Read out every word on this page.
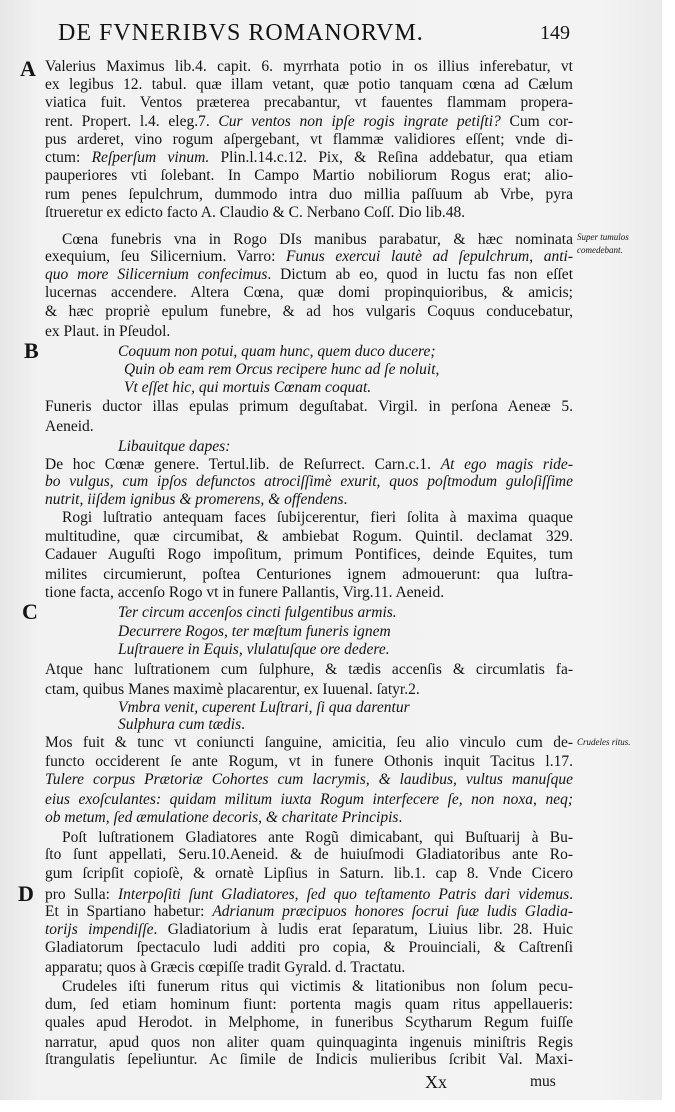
DE FVNERIBVS ROMANORVM.	149
A
B
C
D
Super tumulos
comedebant.
Crudeles ritus.
Valerius Maximus lib.4. capit. 6. myrrhata potio in os illius inferebatur, vt
ex legibus 12. tabul. quæ illam vetant, quæ potio tanquam cœna ad Cælum
viatica fuit. Ventos præterea precabantur, vt fauentes flammam propera-
rent. Propert. l.4. eleg.7. Cur ventos non ipſe rogis ingrate petiſti? Cum cor-
pus arderet, vino rogum aſpergebant, vt flammæ validiores eſſent; vnde di-
ctum: Reſperſum vinum. Plin.l.14.c.12. Pix, & Reſina addebatur, qua etiam
pauperiores vti ſolebant. In Campo Martio nobiliorum Rogus erat; alio-
rum penes ſepulchrum, dummodo intra duo millia paſſuum ab Vrbe, pyra
ſtrueretur ex edicto facto A. Claudio & C. Nerbano Coſſ. Dio lib.48.
Cœna funebris vna in Rogo DIs manibus parabatur, & hæc nominata
exequium, ſeu Silicernium. Varro: Funus exercui lautè ad ſepulchrum, anti-
quo more Silicernium confecimus. Dictum ab eo, quod in luctu fas non eſſet
lucernas accendere. Altera Cœna, quæ domi propinquioribus, & amicis;
& hæc propriè epulum funebre, & ad hos vulgaris Coquus conducebatur,
ex Plaut. in Pſeudol.
Coquum non potui, quam hunc, quem duco ducere;
Quin ob eam rem Orcus recipere hunc ad ſe noluit,
Vt eſſet hic, qui mortuis Cœnam coquat.
Funeris ductor illas epulas primum deguſtabat. Virgil. in perſona Aeneæ 5.
Aeneid.
Libauitque dapes:
De hoc Cœnæ genere. Tertul.lib. de Reſurrect. Carn.c.1. At ego magis ride-
bo vulgus, cum ipſos defunctos atrociſſimè exurit, quos poſtmodum guloſiſſime
nutrit, iiſdem ignibus & promerens, & offendens.
Rogi luſtratio antequam faces ſubijcerentur, fieri ſolita à maxima quaque
multitudine, quæ circumibat, & ambiebat Rogum. Quintil. declamat 329.
Cadauer Auguſti Rogo impoſitum, primum Pontifices, deinde Equites, tum
milites circumierunt, poſtea Centuriones ignem admouerunt: qua luſtra-
tione facta, accenſo Rogo vt in funere Pallantis, Virg.11. Aeneid.
Ter circum accenſos cincti fulgentibus armis.
Decurrere Rogos, ter mæſtum funeris ignem
Luſtrauere in Equis, vlulatuſque ore dedere.
Atque hanc luſtrationem cum ſulphure, & tædis accenſis & circumlatis fa-
ctam, quibus Manes maximè placarentur, ex Iuuenal. ſatyr.2.
Vmbra venit, cuperent Luſtrari, ſi qua darentur
Sulphura cum tædis.
Mos fuit & tunc vt coniuncti ſanguine, amicitia, ſeu alio vinculo cum de-
functo occiderent ſe ante Rogum, vt in funere Othonis inquit Tacitus l.17.
Tulere corpus Prætoriæ Cohortes cum lacrymis, & laudibus, vultus manuſque
eius exoſculantes: quidam militum iuxta Rogum interfecere ſe, non noxa, neq;
ob metum, ſed æmulatione decoris, & charitate Principis.
Poſt luſtrationem Gladiatores ante Rogũ dimicabant, qui Buſtuarij à Bu-
ſto ſunt appellati, Seru.10.Aeneid. & de huiuſmodi Gladiatoribus ante Ro-
gum ſcripſit copioſè, & ornatè Lipſius in Saturn. lib.1. cap 8. Vnde Cicero
pro Sulla: Interpoſiti ſunt Gladiatores, ſed quo teſtamento Patris dari videmus.
Et in Spartiano habetur: Adrianum præcipuos honores ſocrui ſuæ ludis Gladia-
torijs impendiſſe. Gladiatorium à ludis erat ſeparatum, Liuius libr. 28. Huic
Gladiatorum ſpectaculo ludi additi pro copia, & Prouinciali, & Caſtrenſi
apparatu; quos à Græcis cœpiſſe tradit Gyrald. d. Tractatu.
Crudeles iſti funerum ritus qui victimis & litationibus non ſolum pecu-
dum, ſed etiam hominum fiunt: portenta magis quam ritus appellaueris:
quales apud Herodot. in Melphome, in funeribus Scytharum Regum fuiſſe
narratur, apud quos non aliter quam quinquaginta ingenuis miniſtris Regis
ſtrangulatis ſepeliuntur. Ac ſimile de Indicis mulieribus ſcribit Val. Maxi-
Xx	mus
